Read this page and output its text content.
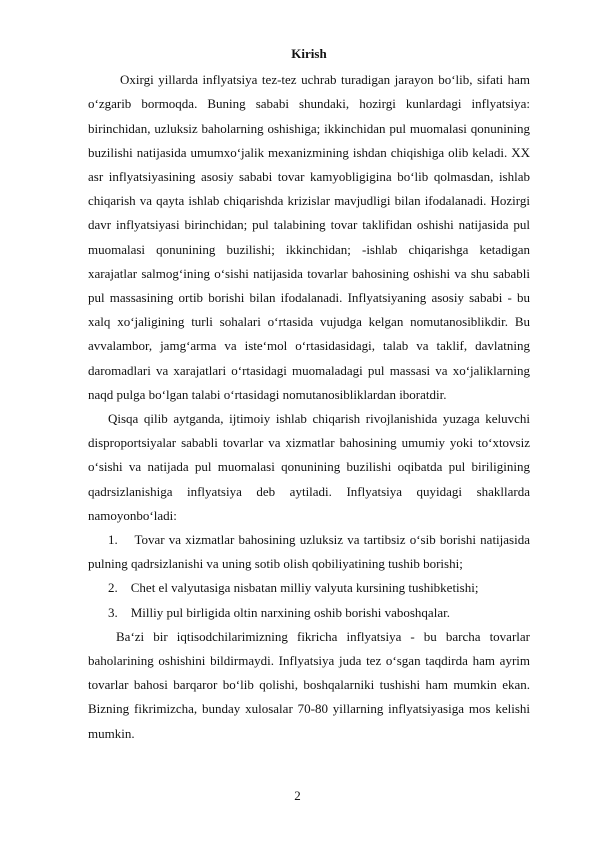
Kirish

Oxirgi yillarda inflyatsiya tez-tez uchrab turadigan jarayon bo‘lib, sifati ham o‘zgarib bormoqda. Buning sababi shundaki, hozirgi kunlardagi inflyatsiya: birinchidan, uzluksiz baholarning oshishiga; ikkinchidan pul muomalasi qonunining buzilishi natijasida umumxo‘jalik mexanizmining ishdan chiqishiga olib keladi. XX asr inflyatsiyasining asosiy sababi tovar kamyobligigina bo‘lib qolmasdan, ishlab chiqarish va qayta ishlab chiqarishda krizislar mavjudligi bilan ifodalanadi. Hozirgi davr inflyatsiyasi birinchidan; pul talabining tovar taklifidan oshishi natijasida pul muomalasi qonunining buzilishi; ikkinchidan; -ishlab chiqarishga ketadigan xarajatlar salmog‘ining o‘sishi natijasida tovarlar bahosining oshishi va shu sababli pul massasining ortib borishi bilan ifodalanadi. Inflyatsiyaning asosiy sababi - bu xalq xo‘jaligining turli sohalari o‘rtasida vujudga kelgan nomutanosiblikdir. Bu avvalambor, jamg‘arma va iste‘mol o‘rtasidasidagi, talab va taklif, davlatning daromadlari va xarajatlari o‘rtasidagi muomaladagi pul massasi va xo‘jaliklarning naqd pulga bo‘lgan talabi o‘rtasidagi nomutanosibliklardan iboratdir.

Qisqa qilib aytganda, ijtimoiy ishlab chiqarish rivojlanishida yuzaga keluvchi disproportsiyalar sababli tovarlar va xizmatlar bahosining umumiy yoki to‘xtovsiz o‘sishi va natijada pul muomalasi qonunining buzilishi oqibatda pul biriligining qadrsizlanishiga inflyatsiya deb aytiladi. Inflyatsiya quyidagi shakllarda namoyonbo‘ladi:

1. Tovar va xizmatlar bahosining uzluksiz va tartibsiz o‘sib borishi natijasida pulning qadrsizlanishi va uning sotib olish qobiliyatining tushib borishi;

2. Chet el valyutasiga nisbatan milliy valyuta kursining tushibketishi;

3. Milliy pul birligida oltin narxining oshib borishi vaboshqalar.

Ba‘zi bir iqtisodchilarimizning fikricha inflyatsiya - bu barcha tovarlar baholarining oshishini bildirmaydi. Inflyatsiya juda tez o‘sgan taqdirda ham ayrim tovarlar bahosi barqaror bo‘lib qolishi, boshqalarniki tushishi ham mumkin ekan. Bizning fikrimizcha, bunday xulosalar 70-80 yillarning inflyatsiyasiga mos kelishi mumkin.

2
